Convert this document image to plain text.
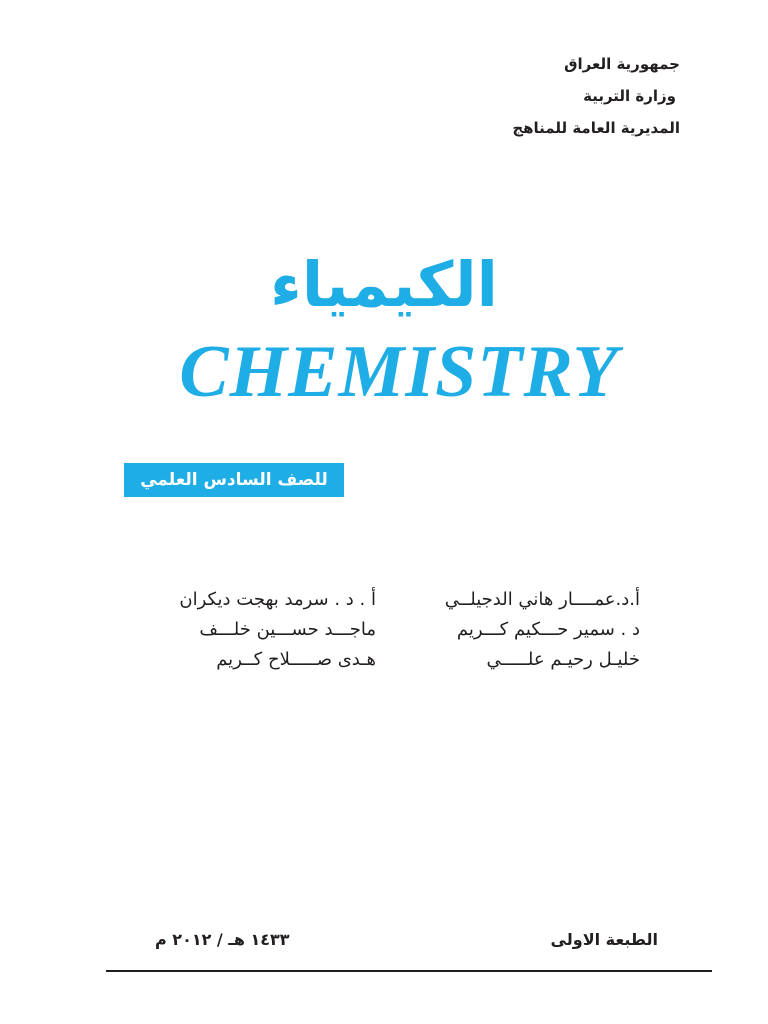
جمهورية العراق
وزارة التربية
المديرية العامة للمناهج
الكيمياء
CHEMISTRY
للصف السادس العلمي
أ.د.عمــــار هاني الدجيلــي
أ . د . سرمد بهجت ديكران
د . سمير حـــكيم كـــريم
ماجـــد حســـين خلـــف
خليـل رحيـم علـــــي
هـدى صـــــلاح كــريم
الطبعة الاولى
١٤٣٣ هـ / ٢٠١٢ م
